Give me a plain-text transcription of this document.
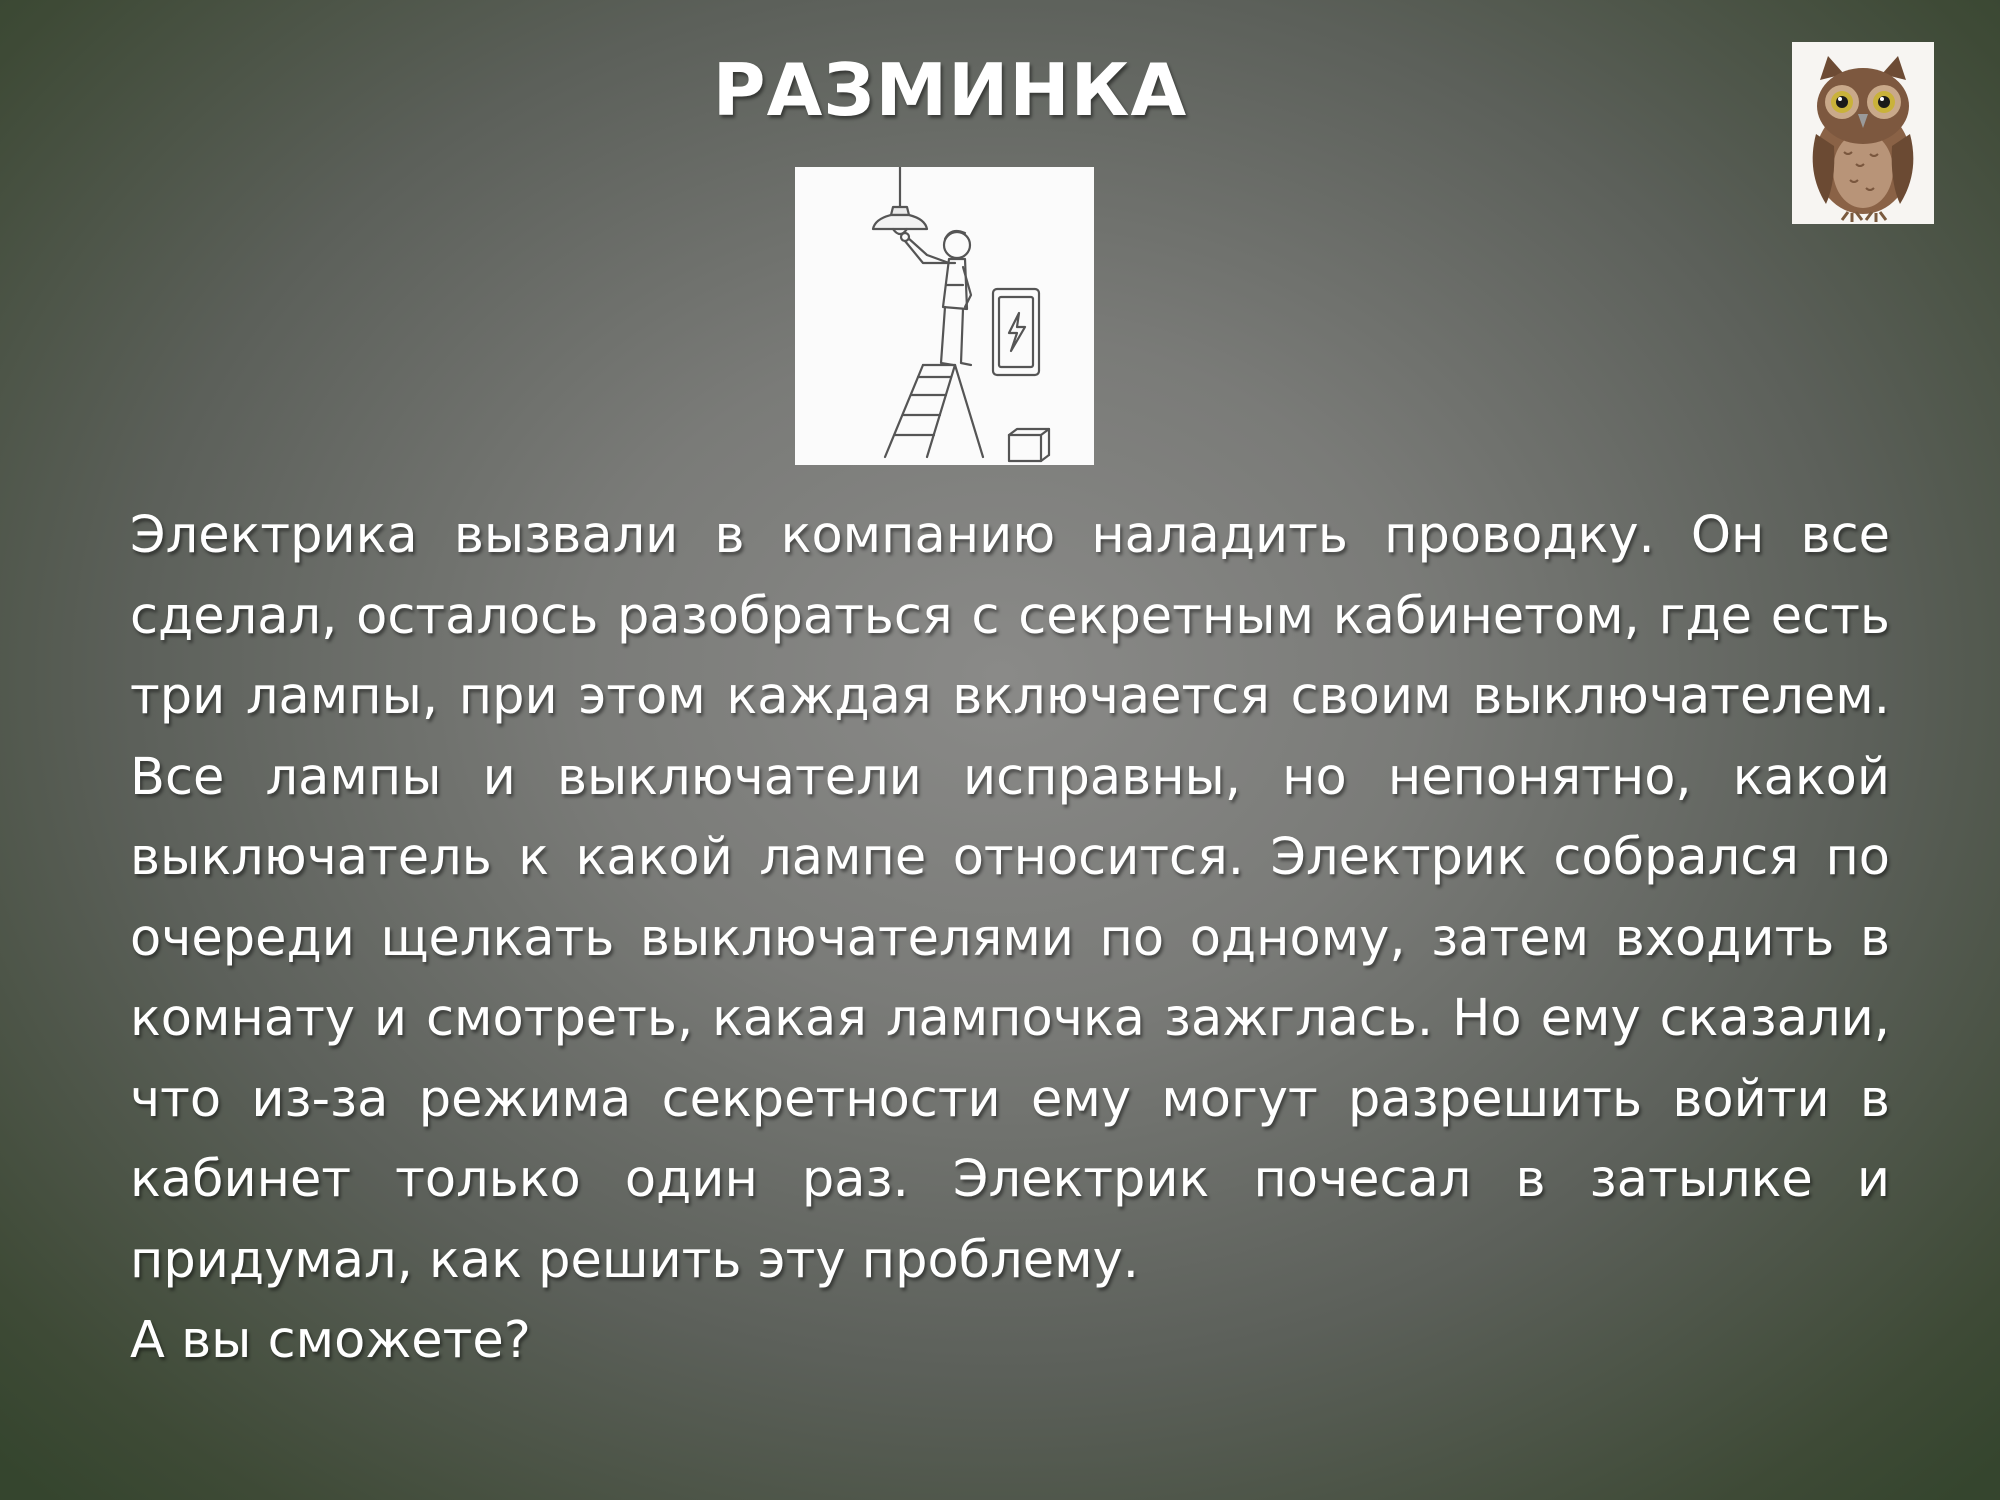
РАЗМИНКА

Электрика вызвали в компанию наладить проводку. Он все сделал, осталось разобраться с секретным кабинетом, где есть три лампы, при этом каждая включается своим выключателем. Все лампы и выключатели исправны, но непонятно, какой выключатель к какой лампе относится. Электрик собрался по очереди щелкать выключателями по одному, затем входить в комнату и смотреть, какая лампочка зажглась. Но ему сказали, что из-за режима секретности ему могут разрешить войти в кабинет только один раз. Электрик почесал в затылке и придумал, как решить эту проблему.

А вы сможете?
